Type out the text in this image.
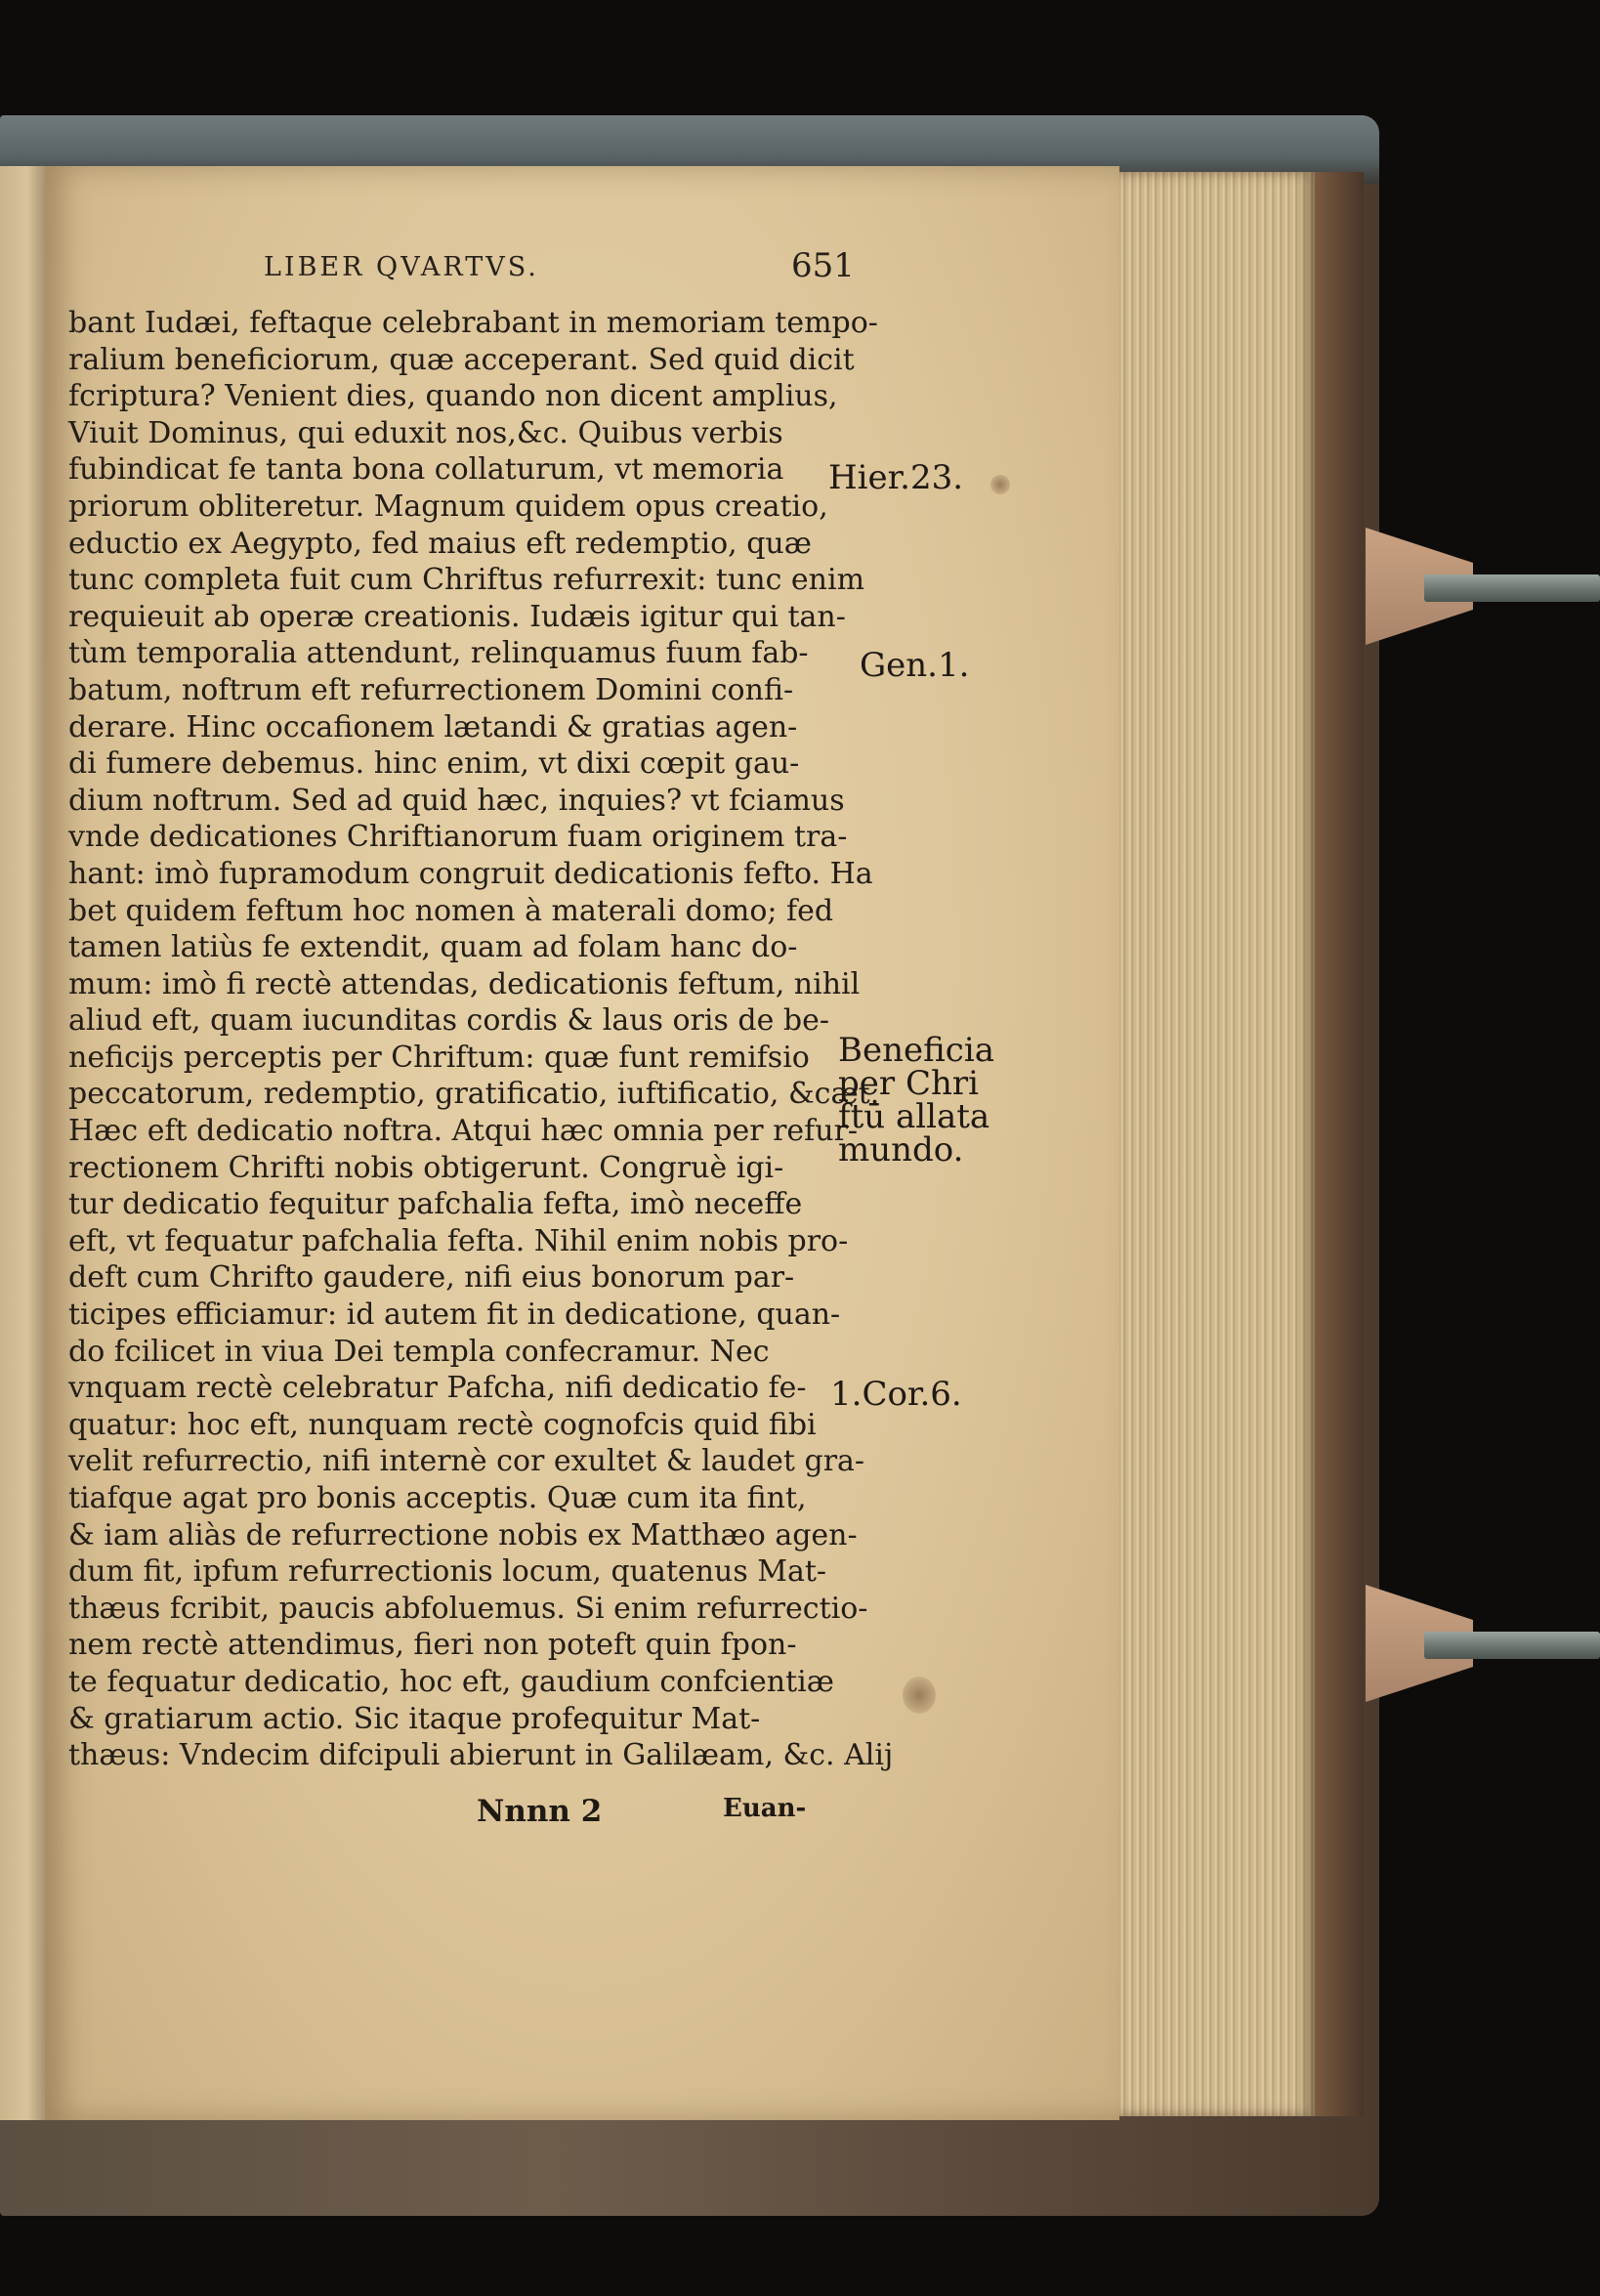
LIBER QVARTVS.	651
bant Iudæi, feftaque celebrabant in memoriam tempo-
ralium beneficiorum, quæ acceperant. Sed quid dicit
fcriptura? Venient dies, quando non dicent amplius,
Viuit Dominus, qui eduxit nos,&c. Quibus verbis
fubindicat fe tanta bona collaturum, vt memoria
priorum obliteretur. Magnum quidem opus creatio,
eductio ex Aegypto, fed maius eft redemptio, quæ
tunc completa fuit cum Chriftus refurrexit: tunc enim
requieuit ab operæ creationis. Iudæis igitur qui tan-
tùm temporalia attendunt, relinquamus fuum fab-
batum, noftrum eft refurrectionem Domini confi-
derare. Hinc occafionem lætandi & gratias agen-
di fumere debemus. hinc enim, vt dixi cœpit gau-
dium noftrum. Sed ad quid hæc, inquies? vt fciamus
vnde dedicationes Chriftianorum fuam originem tra-
hant: imò fupramodum congruit dedicationis fefto. Ha
bet quidem feftum hoc nomen à materali domo; fed
tamen latiùs fe extendit, quam ad folam hanc do-
mum: imò fi rectè attendas, dedicationis feftum, nihil
aliud eft, quam iucunditas cordis & laus oris de be-
neficijs perceptis per Chriftum: quæ funt remifsio
peccatorum, redemptio, gratificatio, iuftificatio, &cæt.
Hæc eft dedicatio noftra. Atqui hæc omnia per refur-
rectionem Chrifti nobis obtigerunt. Congruè igi-
tur dedicatio fequitur pafchalia fefta, imò neceffe
eft, vt fequatur pafchalia fefta. Nihil enim nobis pro-
deft cum Chrifto gaudere, nifi eius bonorum par-
ticipes efficiamur: id autem fit in dedicatione, quan-
do fcilicet in viua Dei templa confecramur. Nec
vnquam rectè celebratur Pafcha, nifi dedicatio fe-
quatur: hoc eft, nunquam rectè cognofcis quid fibi
velit refurrectio, nifi internè cor exultet & laudet gra-
tiafque agat pro bonis acceptis. Quæ cum ita fint,
& iam aliàs de refurrectione nobis ex Matthæo agen-
dum fit, ipfum refurrectionis locum, quatenus Mat-
thæus fcribit, paucis abfoluemus. Si enim refurrectio-
nem rectè attendimus, fieri non poteft quin fpon-
te fequatur dedicatio, hoc eft, gaudium confcientiæ
& gratiarum actio. Sic itaque profequitur Mat-
thæus: Vndecim difcipuli abierunt in Galilæam, &c. Alij
Nnnn 2	Euan-
Hier.23.
Gen.1.
Beneficia
per Chri
ftū allata
mundo.
1.Cor.6.
